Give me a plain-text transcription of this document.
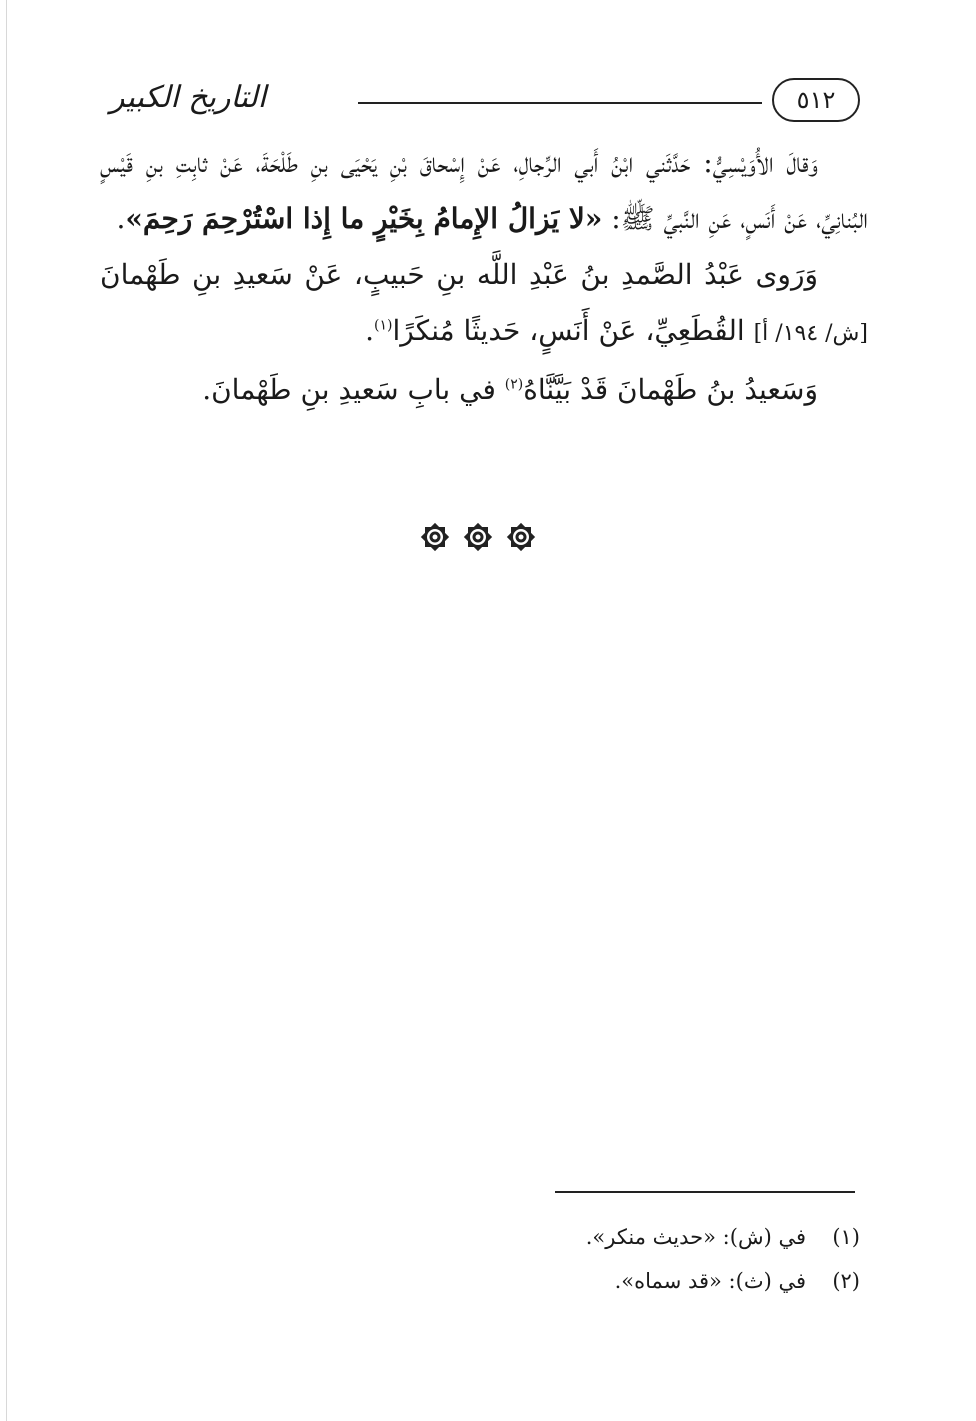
التاريخ الكبير	٥١٢

وَقالَ الأُوَيْسِيُّ: حَدَّثَني ابْنُ أَبي الرِّجالِ، عَنْ إِسْحاقَ بْنِ يَحْيَى بنِ طَلْحَةَ، عَنْ ثابِتِ بنِ قَيْسٍ البُنانِيِّ، عَنْ أَنَسٍ، عَنِ النَّبيِّ ﷺ: «لا يَزالُ الإِمامُ بِخَيْرٍ ما إِذا اسْتُرْحِمَ رَحِمَ».

وَرَوى عَبْدُ الصَّمدِ بنُ عَبْدِ اللَّه بنِ حَبيبٍ، عَنْ سَعيدِ بنِ طَهْمانَ [ش/ ١٩٤/ أ] القُطَعِيِّ، عَنْ أَنَسٍ، حَديثًا مُنكَرًا$^{(١)}$.

وَسَعيدُ بنُ طَهْمانَ قَدْ بَيَّنَّاهُ$^{(٢)}$ في بابِ سَعيدِ بنِ طَهْمانَ.

(١)
في (ش): «حديث منكر».
(٢)
في (ث): «قد سماه».
